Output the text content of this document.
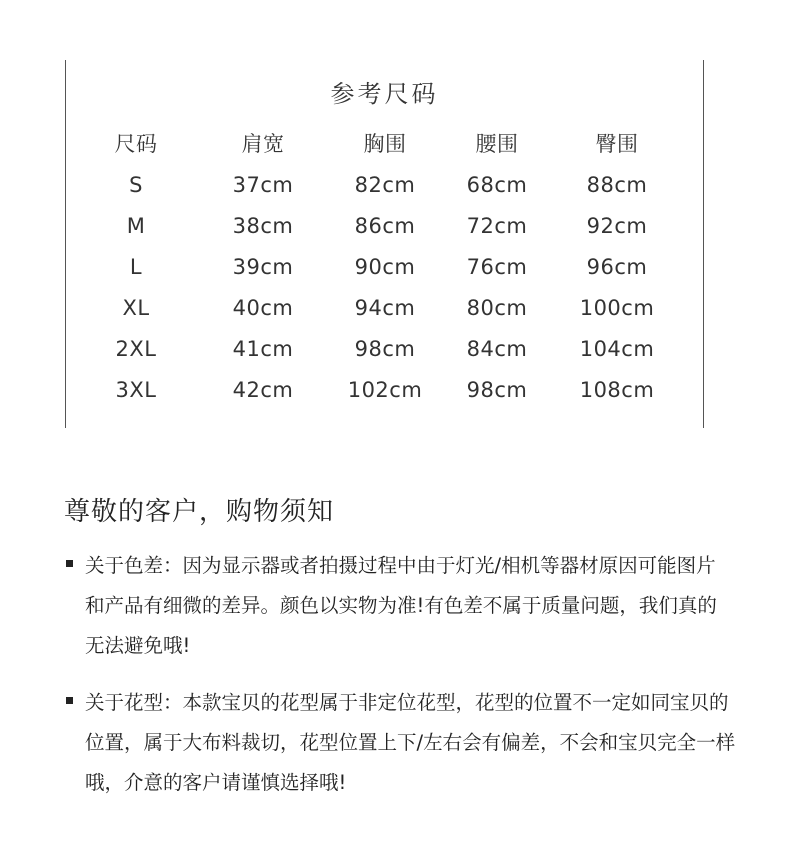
参考尺码
尺码	肩宽	胸围	腰围	臀围
S	37cm	82cm	68cm	88cm
M	38cm	86cm	72cm	92cm
L	39cm	90cm	76cm	96cm
XL	40cm	94cm	80cm	100cm
2XL	41cm	98cm	84cm	104cm
3XL	42cm	102cm	98cm	108cm
尊敬的客户，购物须知
关于色差：因为显示器或者拍摄过程中由于灯光/相机等器材原因可能图片
和产品有细微的差异。颜色以实物为准!有色差不属于质量问题，我们真的
无法避免哦!
关于花型：本款宝贝的花型属于非定位花型，花型的位置不一定如同宝贝的
位置，属于大布料裁切，花型位置上下/左右会有偏差，不会和宝贝完全一样
哦，介意的客户请谨慎选择哦!
